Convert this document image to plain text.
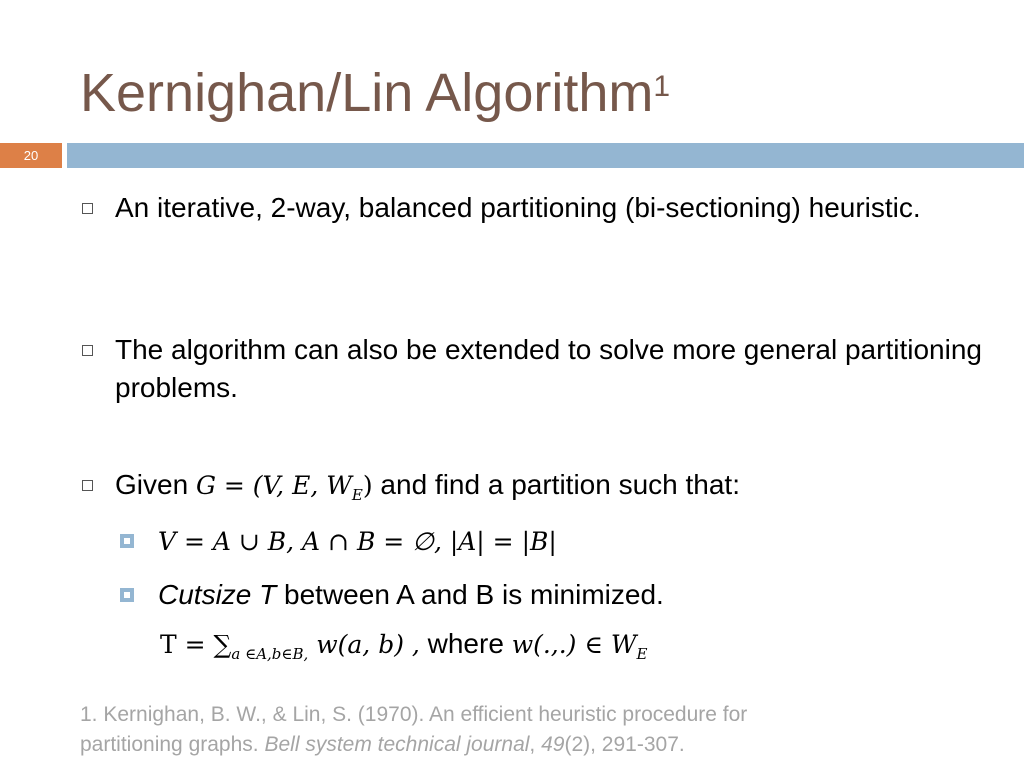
Kernighan/Lin Algorithm$^1$
20
An iterative, 2-way, balanced partitioning (bi-sectioning) heuristic.
The algorithm can also be extended to solve more general partitioning problems.
Given G = (V, E, $W_E$) and find a partition such that:
V = A ∪ B, A ∩ B = ∅, |A| = |B|
Cutsize T between A and B is minimized.
$T = \sum_{a \in A,b\in B,}$ w(a, b) , where w(.,.) ∈ $W_E$
1. Kernighan, B. W., & Lin, S. (1970). An efficient heuristic procedure for
partitioning graphs. Bell system technical journal, 49(2), 291-307.
